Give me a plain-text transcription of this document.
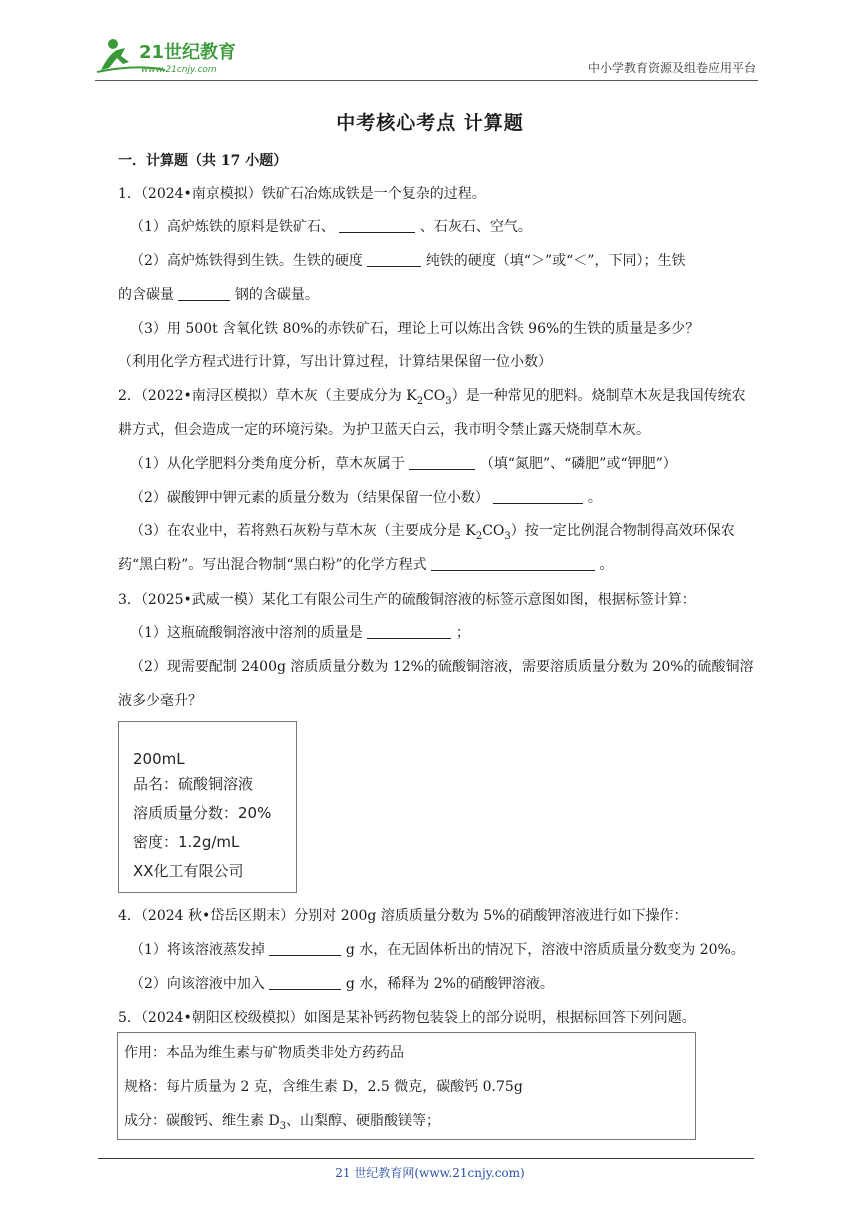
21世纪教育
www.21cnjy.com	中小学教育资源及组卷应用平台
中考核心考点 计算题
一．计算题（共 17 小题）
1．（2024•南京模拟）铁矿石冶炼成铁是一个复杂的过程。
（1）高炉炼铁的原料是铁矿石、	、石灰石、空气。
（2）高炉炼铁得到生铁。生铁的硬度	纯铁的硬度（填“＞”或“＜”，下同）；生铁
的含碳量	钢的含碳量。
（3）用 500t 含氧化铁 80%的赤铁矿石，理论上可以炼出含铁 96%的生铁的质量是多少？
（利用化学方程式进行计算，写出计算过程，计算结果保留一位小数）
2．（2022•南浔区模拟）草木灰（主要成分为 $K_2CO_3$）是一种常见的肥料。烧制草木灰是我国传统农
耕方式，但会造成一定的环境污染。为护卫蓝天白云，我市明令禁止露天烧制草木灰。
（1）从化学肥料分类角度分析，草木灰属于	（填“氮肥”、“磷肥”或“钾肥”）
（2）碳酸钾中钾元素的质量分数为（结果保留一位小数）	。
（3）在农业中，若将熟石灰粉与草木灰（主要成分是 $K_2CO_3$）按一定比例混合物制得高效环保农
药“黑白粉”。写出混合物制“黑白粉”的化学方程式	。
3．（2025•武威一模）某化工有限公司生产的硫酸铜溶液的标签示意图如图，根据标签计算：
（1）这瓶硫酸铜溶液中溶剂的质量是	；
（2）现需要配制 2400g 溶质质量分数为 12%的硫酸铜溶液，需要溶质质量分数为 20%的硫酸铜溶
液多少毫升？
200mL
品名：硫酸铜溶液
溶质质量分数：20%
密度：1.2g/mL
XX化工有限公司
4．（2024 秋•岱岳区期末）分别对 200g 溶质质量分数为 5%的硝酸钾溶液进行如下操作：
（1）将该溶液蒸发掉	g 水，在无固体析出的情况下，溶液中溶质质量分数变为 20%。
（2）向该溶液中加入	g 水，稀释为 2%的硝酸钾溶液。
5．（2024•朝阳区校级模拟）如图是某补钙药物包装袋上的部分说明，根据标回答下列问题。
作用：本品为维生素与矿物质类非处方药药品
规格：每片质量为 2 克，含维生素 D，2.5 微克，碳酸钙 0.75g
成分：碳酸钙、维生素 $D_3$、山梨醇、硬脂酸镁等；
21 世纪教育网(www.21cnjy.com)
